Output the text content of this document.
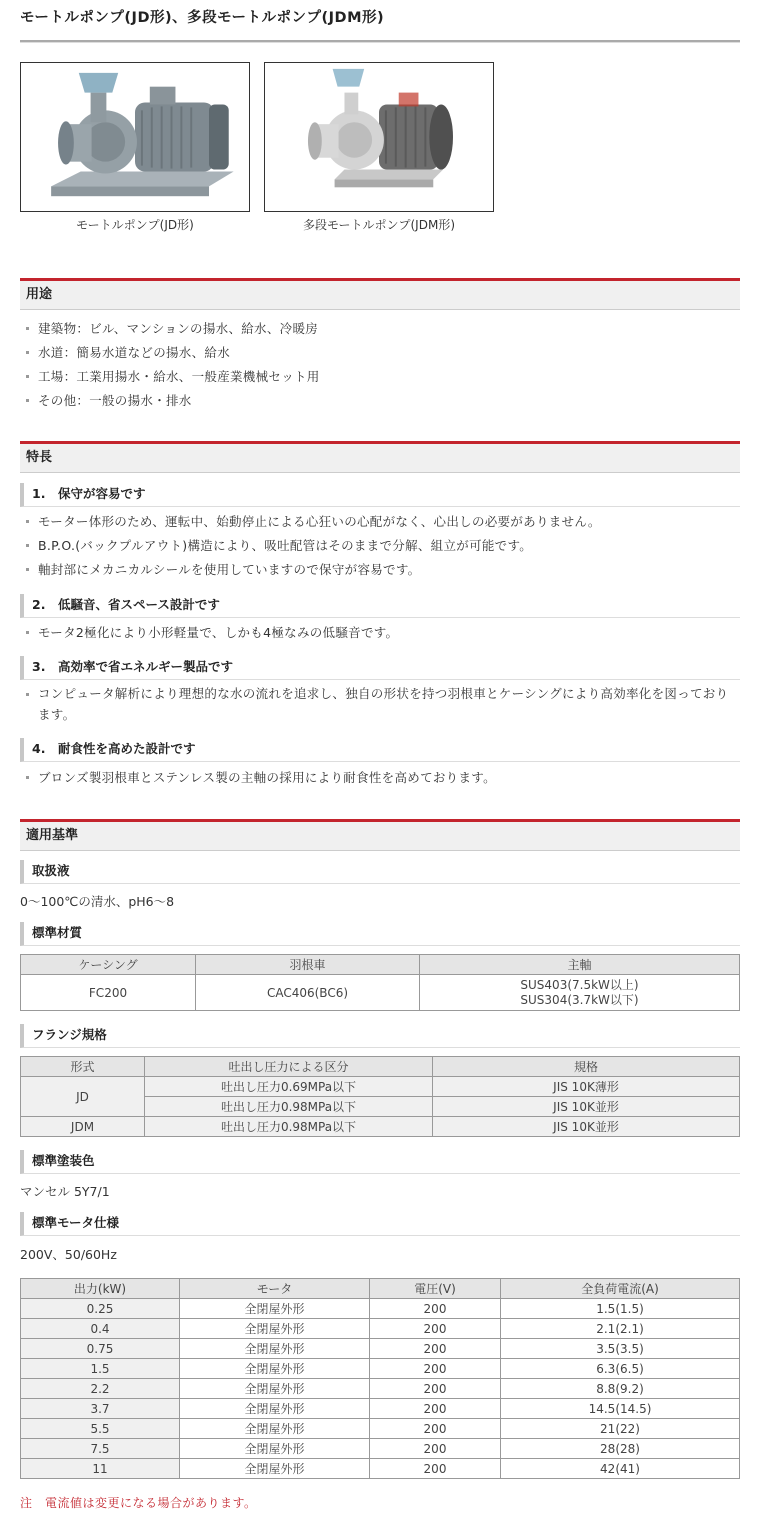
モートルポンプ(JD形)、多段モートルポンプ(JDM形)
モートルポンプ(JD形)	多段モートルポンプ(JDM形)
用途
建築物：ビル、マンションの揚水、給水、冷暖房
水道：簡易水道などの揚水、給水
工場：工業用揚水・給水、一般産業機械セット用
その他：一般の揚水・排水
特長
1.　保守が容易です
モーター体形のため、運転中、始動停止による心狂いの心配がなく、心出しの必要がありません。
B.P.O.(バックプルアウト)構造により、吸吐配管はそのままで分解、組立が可能です。
軸封部にメカニカルシールを使用していますので保守が容易です。
2.　低騒音、省スペース設計です
モータ2極化により小形軽量で、しかも4極なみの低騒音です。
3.　高効率で省エネルギー製品です
コンピュータ解析により理想的な水の流れを追求し、独自の形状を持つ羽根車とケーシングにより高効率化を図っております。
4.　耐食性を高めた設計です
ブロンズ製羽根車とステンレス製の主軸の採用により耐食性を高めております。
適用基準
取扱液
0～100℃の清水、pH6～8
標準材質
ケーシング	羽根車	主軸
FC200	CAC406(BC6)	SUS403(7.5kW以上)
SUS304(3.7kW以下)
フランジ規格
形式	吐出し圧力による区分	規格
JD	吐出し圧力0.69MPa以下	JIS 10K薄形
	吐出し圧力0.98MPa以下	JIS 10K並形
JDM	吐出し圧力0.98MPa以下	JIS 10K並形
標準塗装色
マンセル 5Y7/1
標準モータ仕様
200V、50/60Hz
出力(kW)	モータ	電圧(V)	全負荷電流(A)
0.25	全閉屋外形	200	1.5(1.5)
0.4	全閉屋外形	200	2.1(2.1)
0.75	全閉屋外形	200	3.5(3.5)
1.5	全閉屋外形	200	6.3(6.5)
2.2	全閉屋外形	200	8.8(9.2)
3.7	全閉屋外形	200	14.5(14.5)
5.5	全閉屋外形	200	21(22)
7.5	全閉屋外形	200	28(28)
11	全閉屋外形	200	42(41)
注　電流値は変更になる場合があります。
